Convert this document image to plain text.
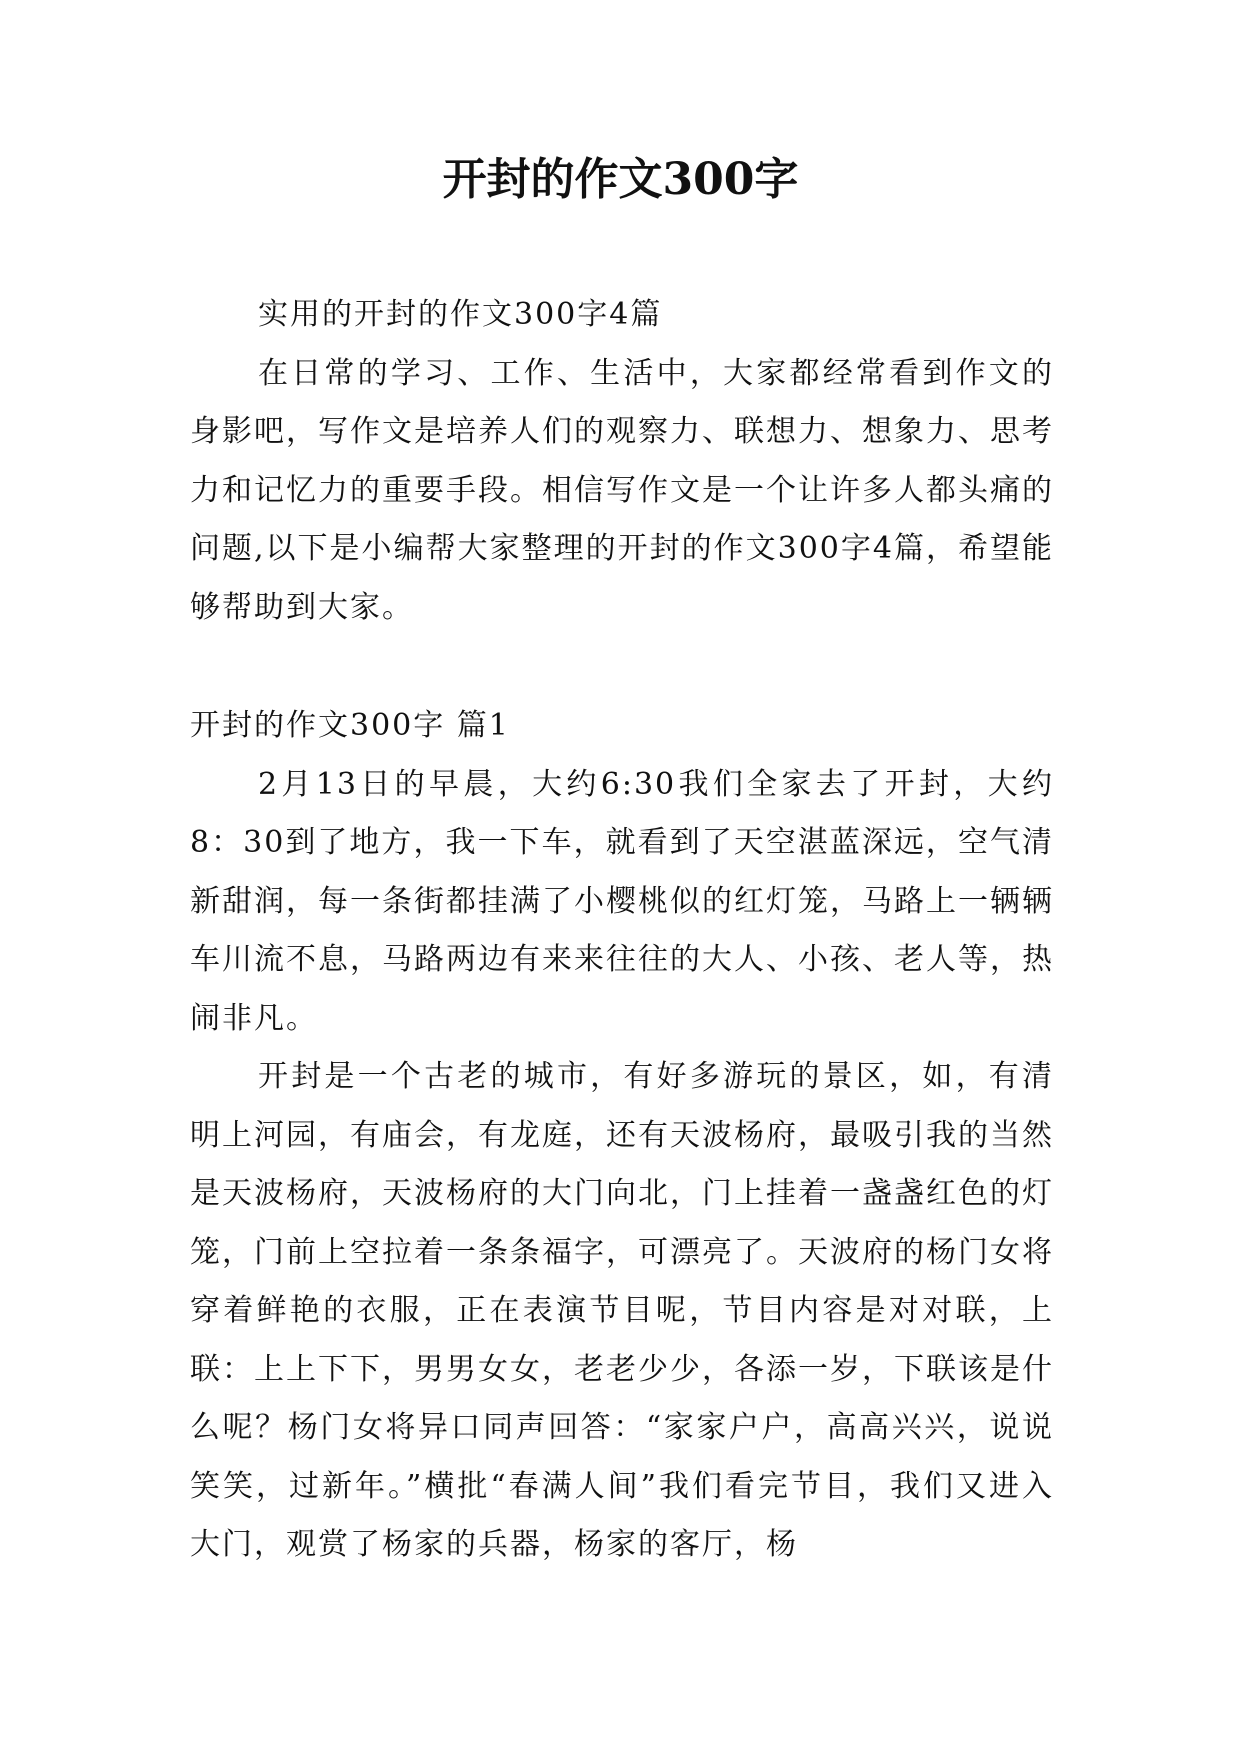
开封的作文300字

实用的开封的作文300字4篇

在日常的学习、工作、生活中，大家都经常看到作文的身影吧，写作文是培养人们的观察力、联想力、想象力、思考力和记忆力的重要手段。相信写作文是一个让许多人都头痛的问题,以下是小编帮大家整理的开封的作文300字4篇，希望能够帮助到大家。

开封的作文300字 篇1

2月13日的早晨，大约6:30我们全家去了开封，大约8：30到了地方，我一下车，就看到了天空湛蓝深远，空气清新甜润，每一条街都挂满了小樱桃似的红灯笼，马路上一辆辆车川流不息，马路两边有来来往往的大人、小孩、老人等，热闹非凡。

开封是一个古老的城市，有好多游玩的景区，如，有清明上河园，有庙会，有龙庭，还有天波杨府，最吸引我的当然是天波杨府，天波杨府的大门向北，门上挂着一盏盏红色的灯笼，门前上空拉着一条条福字，可漂亮了。天波府的杨门女将穿着鲜艳的衣服，正在表演节目呢，节目内容是对对联，上联：上上下下，男男女女，老老少少，各添一岁，下联该是什么呢？杨门女将异口同声回答：“家家户户，高高兴兴，说说笑笑，过新年。”横批“春满人间”我们看完节目，我们又进入大门，观赏了杨家的兵器，杨家的客厅，杨
